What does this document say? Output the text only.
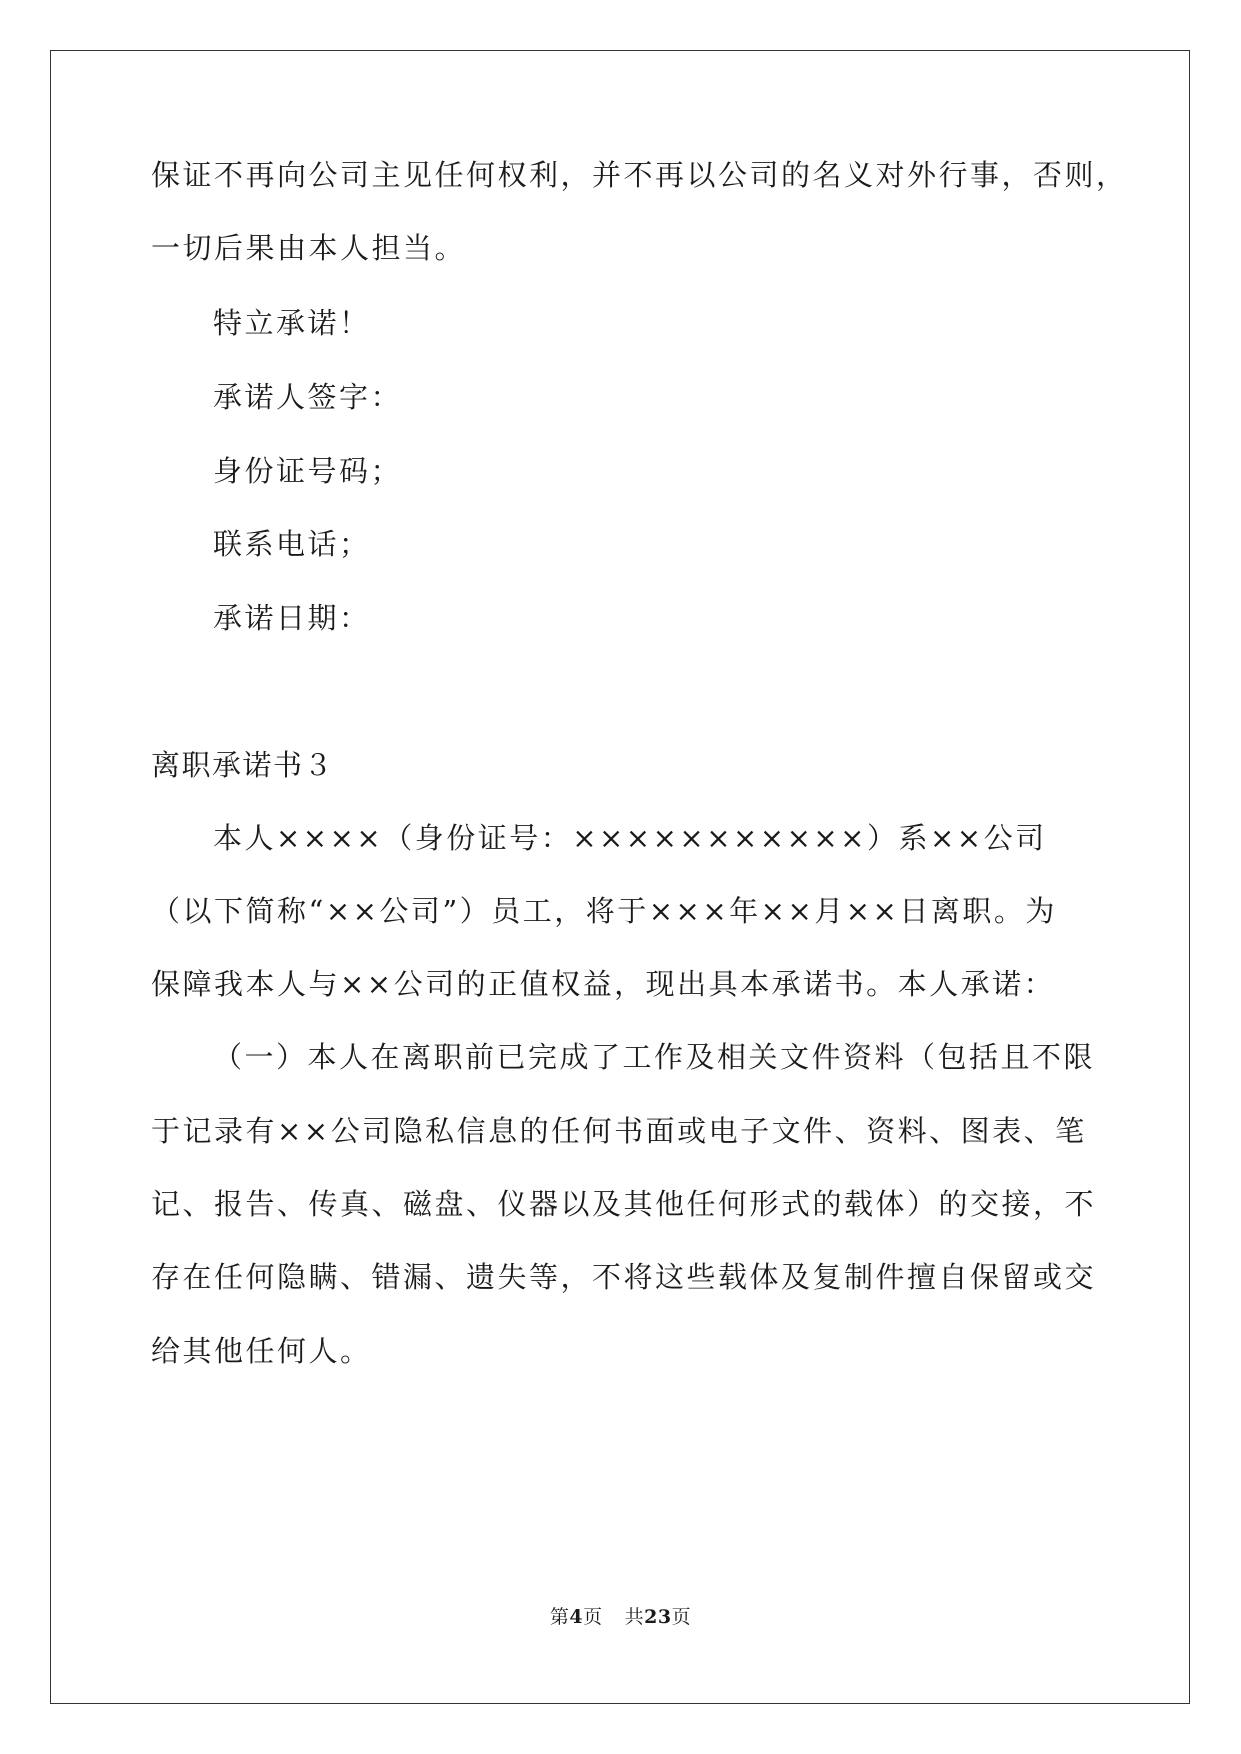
保证不再向公司主见任何权利，并不再以公司的名义对外行事，否则，
一切后果由本人担当。
特立承诺！
承诺人签字：
身份证号码；
联系电话；
承诺日期：
离职承诺书３
本人××××（身份证号：×××××××××××）系××公司
（以下简称“××公司”）员工，将于×××年××月××日离职。为
保障我本人与××公司的正值权益，现出具本承诺书。本人承诺：
（一）本人在离职前已完成了工作及相关文件资料（包括且不限
于记录有××公司隐私信息的任何书面或电子文件、资料、图表、笔
记、报告、传真、磁盘、仪器以及其他任何形式的载体）的交接，不
存在任何隐瞒、错漏、遗失等，不将这些载体及复制件擅自保留或交
给其他任何人。
第4页 共23页
